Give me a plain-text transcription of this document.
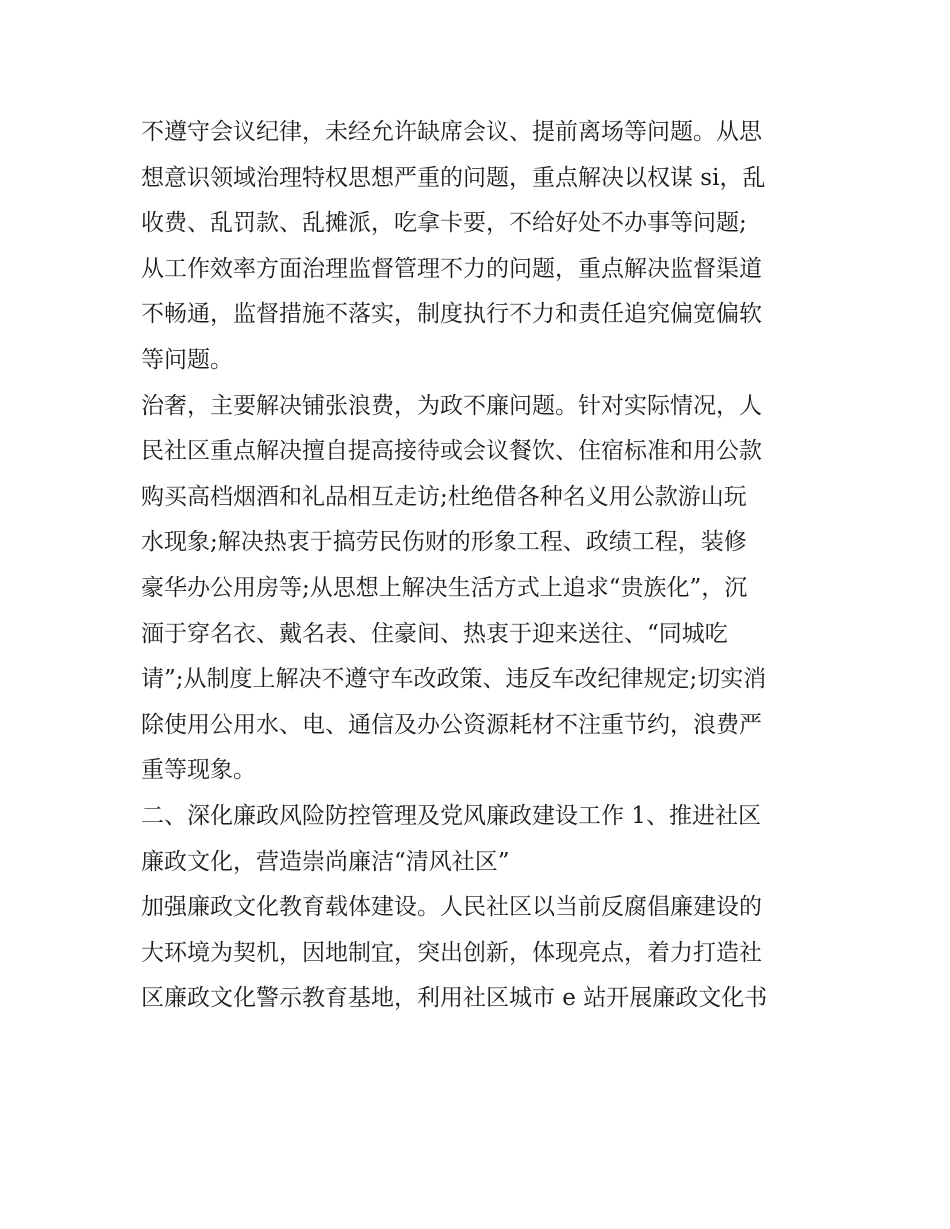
不遵守会议纪律，未经允许缺席会议、提前离场等问题。从思
想意识领域治理特权思想严重的问题，重点解决以权谋 si，乱
收费、乱罚款、乱摊派，吃拿卡要，不给好处不办事等问题;
从工作效率方面治理监督管理不力的问题，重点解决监督渠道
不畅通，监督措施不落实，制度执行不力和责任追究偏宽偏软
等问题。
治奢，主要解决铺张浪费，为政不廉问题。针对实际情况，人
民社区重点解决擅自提高接待或会议餐饮、住宿标准和用公款
购买高档烟酒和礼品相互走访;杜绝借各种名义用公款游山玩
水现象;解决热衷于搞劳民伤财的形象工程、政绩工程，装修
豪华办公用房等;从思想上解决生活方式上追求“贵族化”，沉
湎于穿名衣、戴名表、住豪间、热衷于迎来送往、“同城吃
请”;从制度上解决不遵守车改政策、违反车改纪律规定;切实消
除使用公用水、电、通信及办公资源耗材不注重节约，浪费严
重等现象。
二、深化廉政风险防控管理及党风廉政建设工作 1、推进社区
廉政文化，营造崇尚廉洁“清风社区”
加强廉政文化教育载体建设。人民社区以当前反腐倡廉建设的
大环境为契机，因地制宜，突出创新，体现亮点，着力打造社
区廉政文化警示教育基地，利用社区城市 e 站开展廉政文化书
